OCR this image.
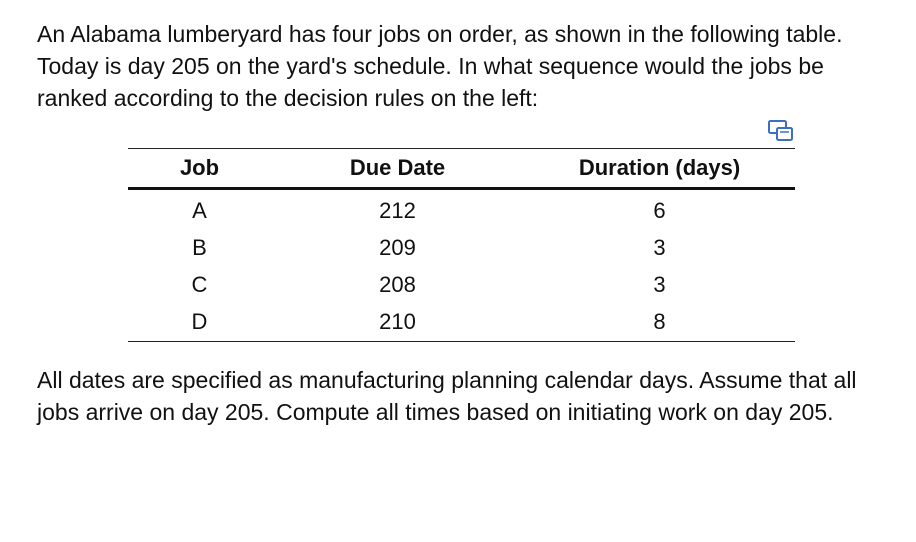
An Alabama lumberyard has four jobs on order, as shown in the following table. Today is day 205 on the yard's schedule. In what sequence would the jobs be ranked according to the decision rules on the left:

Job	Due Date	Duration (days)
A	212	6
B	209	3
C	208	3
D	210	8

All dates are specified as manufacturing planning calendar days. Assume that all jobs arrive on day 205. Compute all times based on initiating work on day 205.
